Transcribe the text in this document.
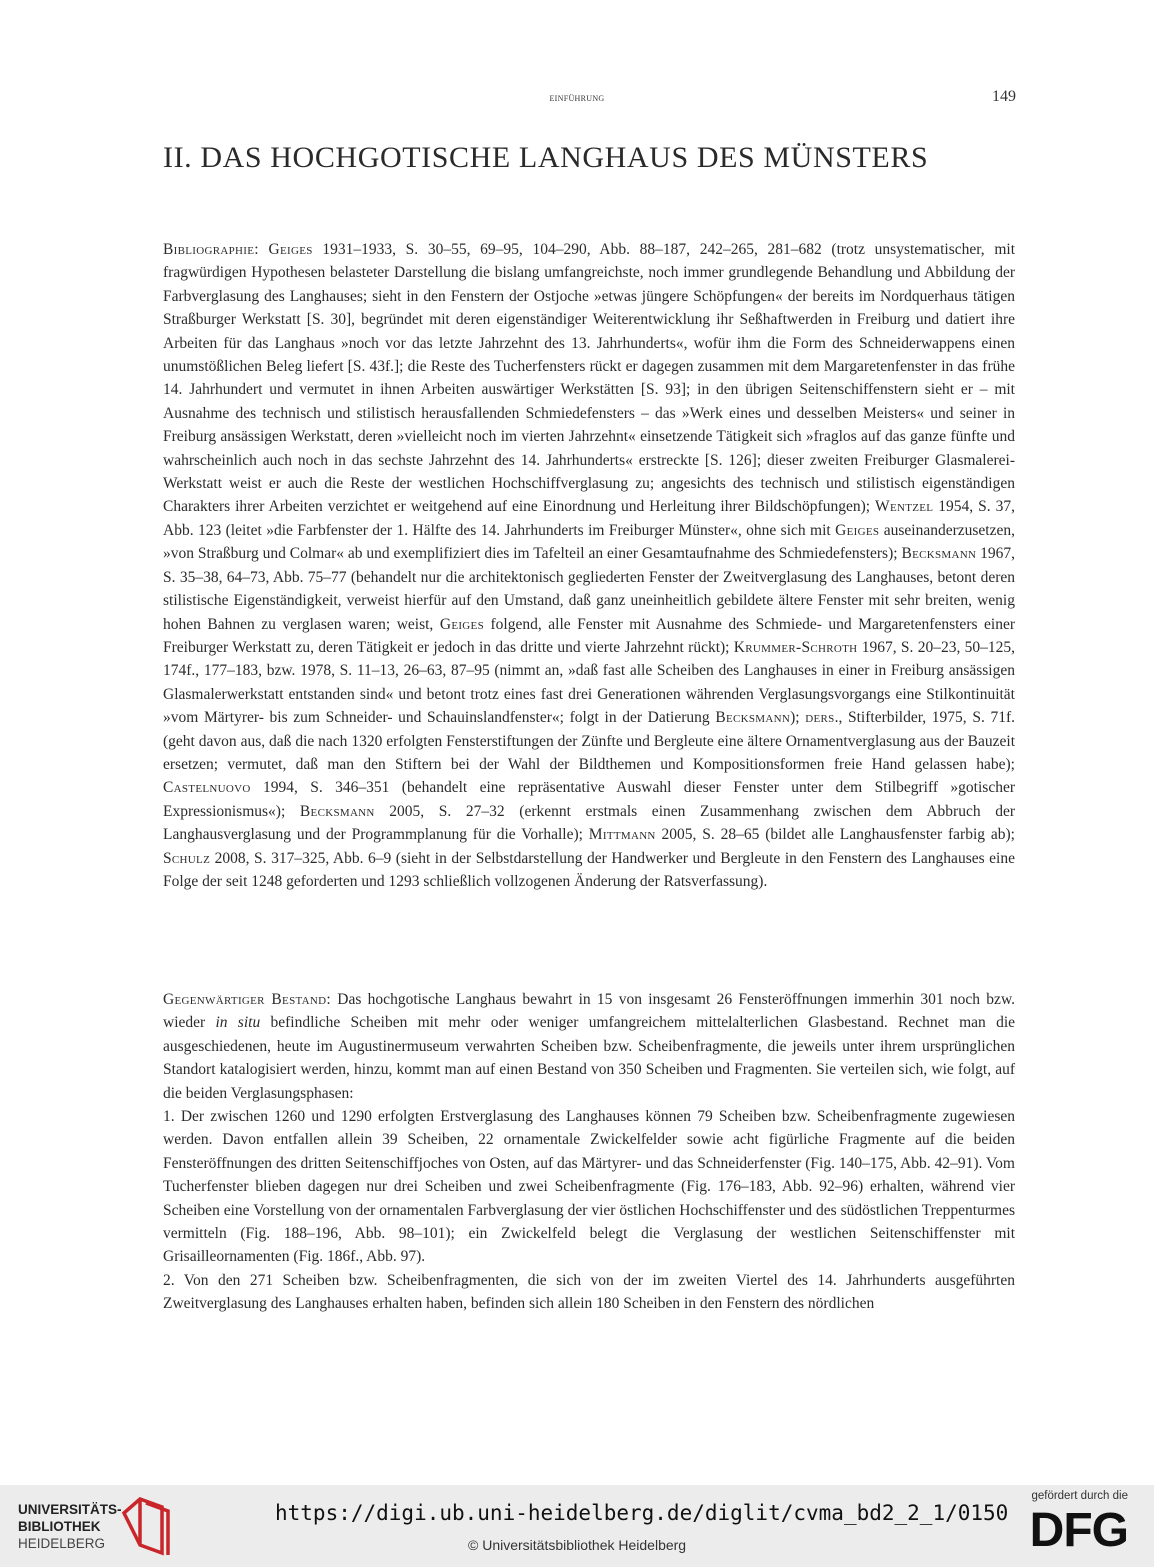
einführung	149
II. DAS HOCHGOTISCHE LANGHAUS DES MÜNSTERS

Bibliographie: Geiges 1931–1933, S. 30–55, 69–95, 104–290, Abb. 88–187, 242–265, 281–682 (trotz unsystematischer, mit fragwürdigen Hypothesen belasteter Darstellung die bislang umfangreichste, noch immer grundlegende Behandlung und Abbildung der Farbverglasung des Langhauses; sieht in den Fenstern der Ostjoche »etwas jüngere Schöpfungen« der bereits im Nordquerhaus tätigen Straßburger Werkstatt [S. 30], begründet mit deren eigenständiger Weiterentwicklung ihr Seßhaftwerden in Freiburg und datiert ihre Arbeiten für das Langhaus »noch vor das letzte Jahrzehnt des 13. Jahrhunderts«, wofür ihm die Form des Schneiderwappens einen unumstößlichen Beleg liefert [S. 43f.]; die Reste des Tucherfensters rückt er dagegen zusammen mit dem Margaretenfenster in das frühe 14. Jahrhundert und vermutet in ihnen Arbeiten auswärtiger Werkstätten [S. 93]; in den übrigen Seitenschiffenstern sieht er – mit Ausnahme des technisch und stilistisch herausfallenden Schmiedefensters – das »Werk eines und desselben Meisters« und seiner in Freiburg ansässigen Werkstatt, deren »vielleicht noch im vierten Jahrzehnt« einsetzende Tätigkeit sich »fraglos auf das ganze fünfte und wahrscheinlich auch noch in das sechste Jahrzehnt des 14. Jahrhunderts« erstreckte [S. 126]; dieser zweiten Freiburger Glasmalerei-Werkstatt weist er auch die Reste der westlichen Hochschiffverglasung zu; angesichts des technisch und stilistisch eigenständigen Charakters ihrer Arbeiten verzichtet er weitgehend auf eine Einordnung und Herleitung ihrer Bildschöpfungen); Wentzel 1954, S. 37, Abb. 123 (leitet »die Farbfenster der 1. Hälfte des 14. Jahrhunderts im Freiburger Münster«, ohne sich mit Geiges auseinanderzusetzen, »von Straßburg und Colmar« ab und exemplifiziert dies im Tafelteil an einer Gesamtaufnahme des Schmiedefensters); Becksmann 1967, S. 35–38, 64–73, Abb. 75–77 (behandelt nur die architektonisch gegliederten Fenster der Zweitverglasung des Langhauses, betont deren stilistische Eigenständigkeit, verweist hierfür auf den Umstand, daß ganz uneinheitlich gebildete ältere Fenster mit sehr breiten, wenig hohen Bahnen zu verglasen waren; weist, Geiges folgend, alle Fenster mit Ausnahme des Schmiede- und Margaretenfensters einer Freiburger Werkstatt zu, deren Tätigkeit er jedoch in das dritte und vierte Jahrzehnt rückt); Krummer-Schroth 1967, S. 20–23, 50–125, 174f., 177–183, bzw. 1978, S. 11–13, 26–63, 87–95 (nimmt an, »daß fast alle Scheiben des Langhauses in einer in Freiburg ansässigen Glasmalerwerkstatt entstanden sind« und betont trotz eines fast drei Generationen währenden Verglasungsvorgangs eine Stilkontinuität »vom Märtyrer- bis zum Schneider- und Schauinslandfenster«; folgt in der Datierung Becksmann); ders., Stifterbilder, 1975, S. 71f. (geht davon aus, daß die nach 1320 erfolgten Fensterstiftungen der Zünfte und Bergleute eine ältere Ornamentverglasung aus der Bauzeit ersetzen; vermutet, daß man den Stiftern bei der Wahl der Bildthemen und Kompositionsformen freie Hand gelassen habe); Castelnuovo 1994, S. 346–351 (behandelt eine repräsentative Auswahl dieser Fenster unter dem Stilbegriff »gotischer Expressionismus«); Becksmann 2005, S. 27–32 (erkennt erstmals einen Zusammenhang zwischen dem Abbruch der Langhausverglasung und der Programmplanung für die Vorhalle); Mittmann 2005, S. 28–65 (bildet alle Langhausfenster farbig ab); Schulz 2008, S. 317–325, Abb. 6–9 (sieht in der Selbstdarstellung der Handwerker und Bergleute in den Fenstern des Langhauses eine Folge der seit 1248 geforderten und 1293 schließlich vollzogenen Änderung der Ratsverfassung).

Gegenwärtiger Bestand: Das hochgotische Langhaus bewahrt in 15 von insgesamt 26 Fensteröffnungen immerhin 301 noch bzw. wieder in situ befindliche Scheiben mit mehr oder weniger umfangreichem mittelalterlichen Glasbestand. Rechnet man die ausgeschiedenen, heute im Augustinermuseum verwahrten Scheiben bzw. Scheibenfragmente, die jeweils unter ihrem ursprünglichen Standort katalogisiert werden, hinzu, kommt man auf einen Bestand von 350 Scheiben und Fragmenten. Sie verteilen sich, wie folgt, auf die beiden Verglasungsphasen:

1. Der zwischen 1260 und 1290 erfolgten Erstverglasung des Langhauses können 79 Scheiben bzw. Scheibenfragmente zugewiesen werden. Davon entfallen allein 39 Scheiben, 22 ornamentale Zwickelfelder sowie acht figürliche Fragmente auf die beiden Fensteröffnungen des dritten Seitenschiffjoches von Osten, auf das Märtyrer- und das Schneiderfenster (Fig. 140–175, Abb. 42–91). Vom Tucherfenster blieben dagegen nur drei Scheiben und zwei Scheibenfragmente (Fig. 176–183, Abb. 92–96) erhalten, während vier Scheiben eine Vorstellung von der ornamentalen Farbverglasung der vier östlichen Hochschiffenster und des südöstlichen Treppenturmes vermitteln (Fig. 188–196, Abb. 98–101); ein Zwickelfeld belegt die Verglasung der westlichen Seitenschiffenster mit Grisailleornamenten (Fig. 186f., Abb. 97).

2. Von den 271 Scheiben bzw. Scheibenfragmenten, die sich von der im zweiten Viertel des 14. Jahrhunderts ausgeführten Zweitverglasung des Langhauses erhalten haben, befinden sich allein 180 Scheiben in den Fenstern des nördlichen

UNIVERSITÄTS-
BIBLIOTHEK
HEIDELBERG
https://digi.ub.uni-heidelberg.de/diglit/cvma_bd2_2_1/0150
© Universitätsbibliothek Heidelberg
gefördert durch die
DFG
